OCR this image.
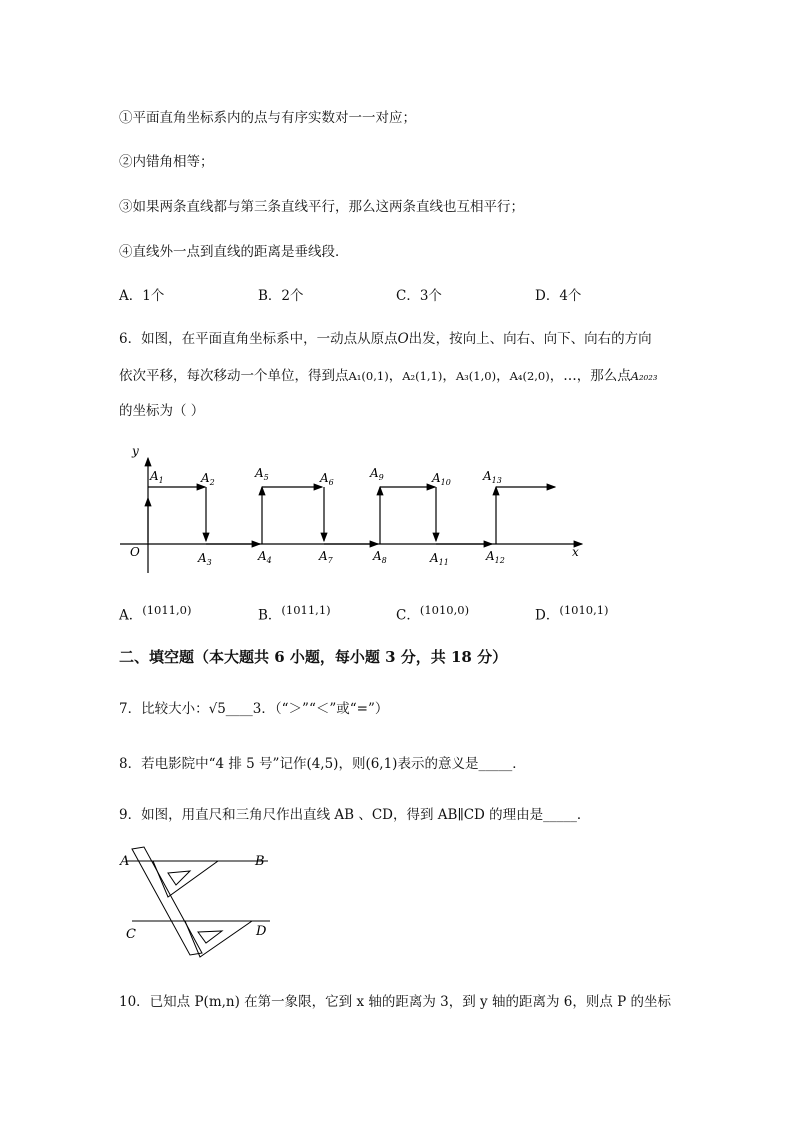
①平面直角坐标系内的点与有序实数对一一对应；
②内错角相等；
③如果两条直线都与第三条直线平行，那么这两条直线也互相平行；
④直线外一点到直线的距离是垂线段．
A．1个	B．2个	C．3个	D．4个
6．如图，在平面直角坐标系中，一动点从原点O出发，按向上、向右、向下、向右的方向
依次平移，每次移动一个单位，得到点A₁(0,1)，A₂(1,1)，A₃(1,0)，A₄(2,0)，…，那么点A₂₀₂₃
的坐标为（ ）
y
x
O
$A_1$	$A_2$
$A_3$	$A_4$
$A_5$	$A_6$
$A_7$	$A_8$
$A_9$	$A_{10}$
$A_{11}$	$A_{12}$
$A_{13}$
A．$^{(1011,0)}$	B．$^{(1011,1)}$	C．$^{(1010,0)}$	D．$^{(1010,1)}$
二、填空题（本大题共 6 小题，每小题 3 分，共 18 分）
7．比较大小：√5____3．（“＞”“＜”或“=”）
8．若电影院中“4 排 5 号”记作(4,5)，则(6,1)表示的意义是_____．
9．如图，用直尺和三角尺作出直线 AB 、CD，得到 AB∥CD 的理由是_____．
A	B
C	D
10．已知点 P(m,n) 在第一象限，它到 x 轴的距离为 3，到 y 轴的距离为 6，则点 P 的坐标
